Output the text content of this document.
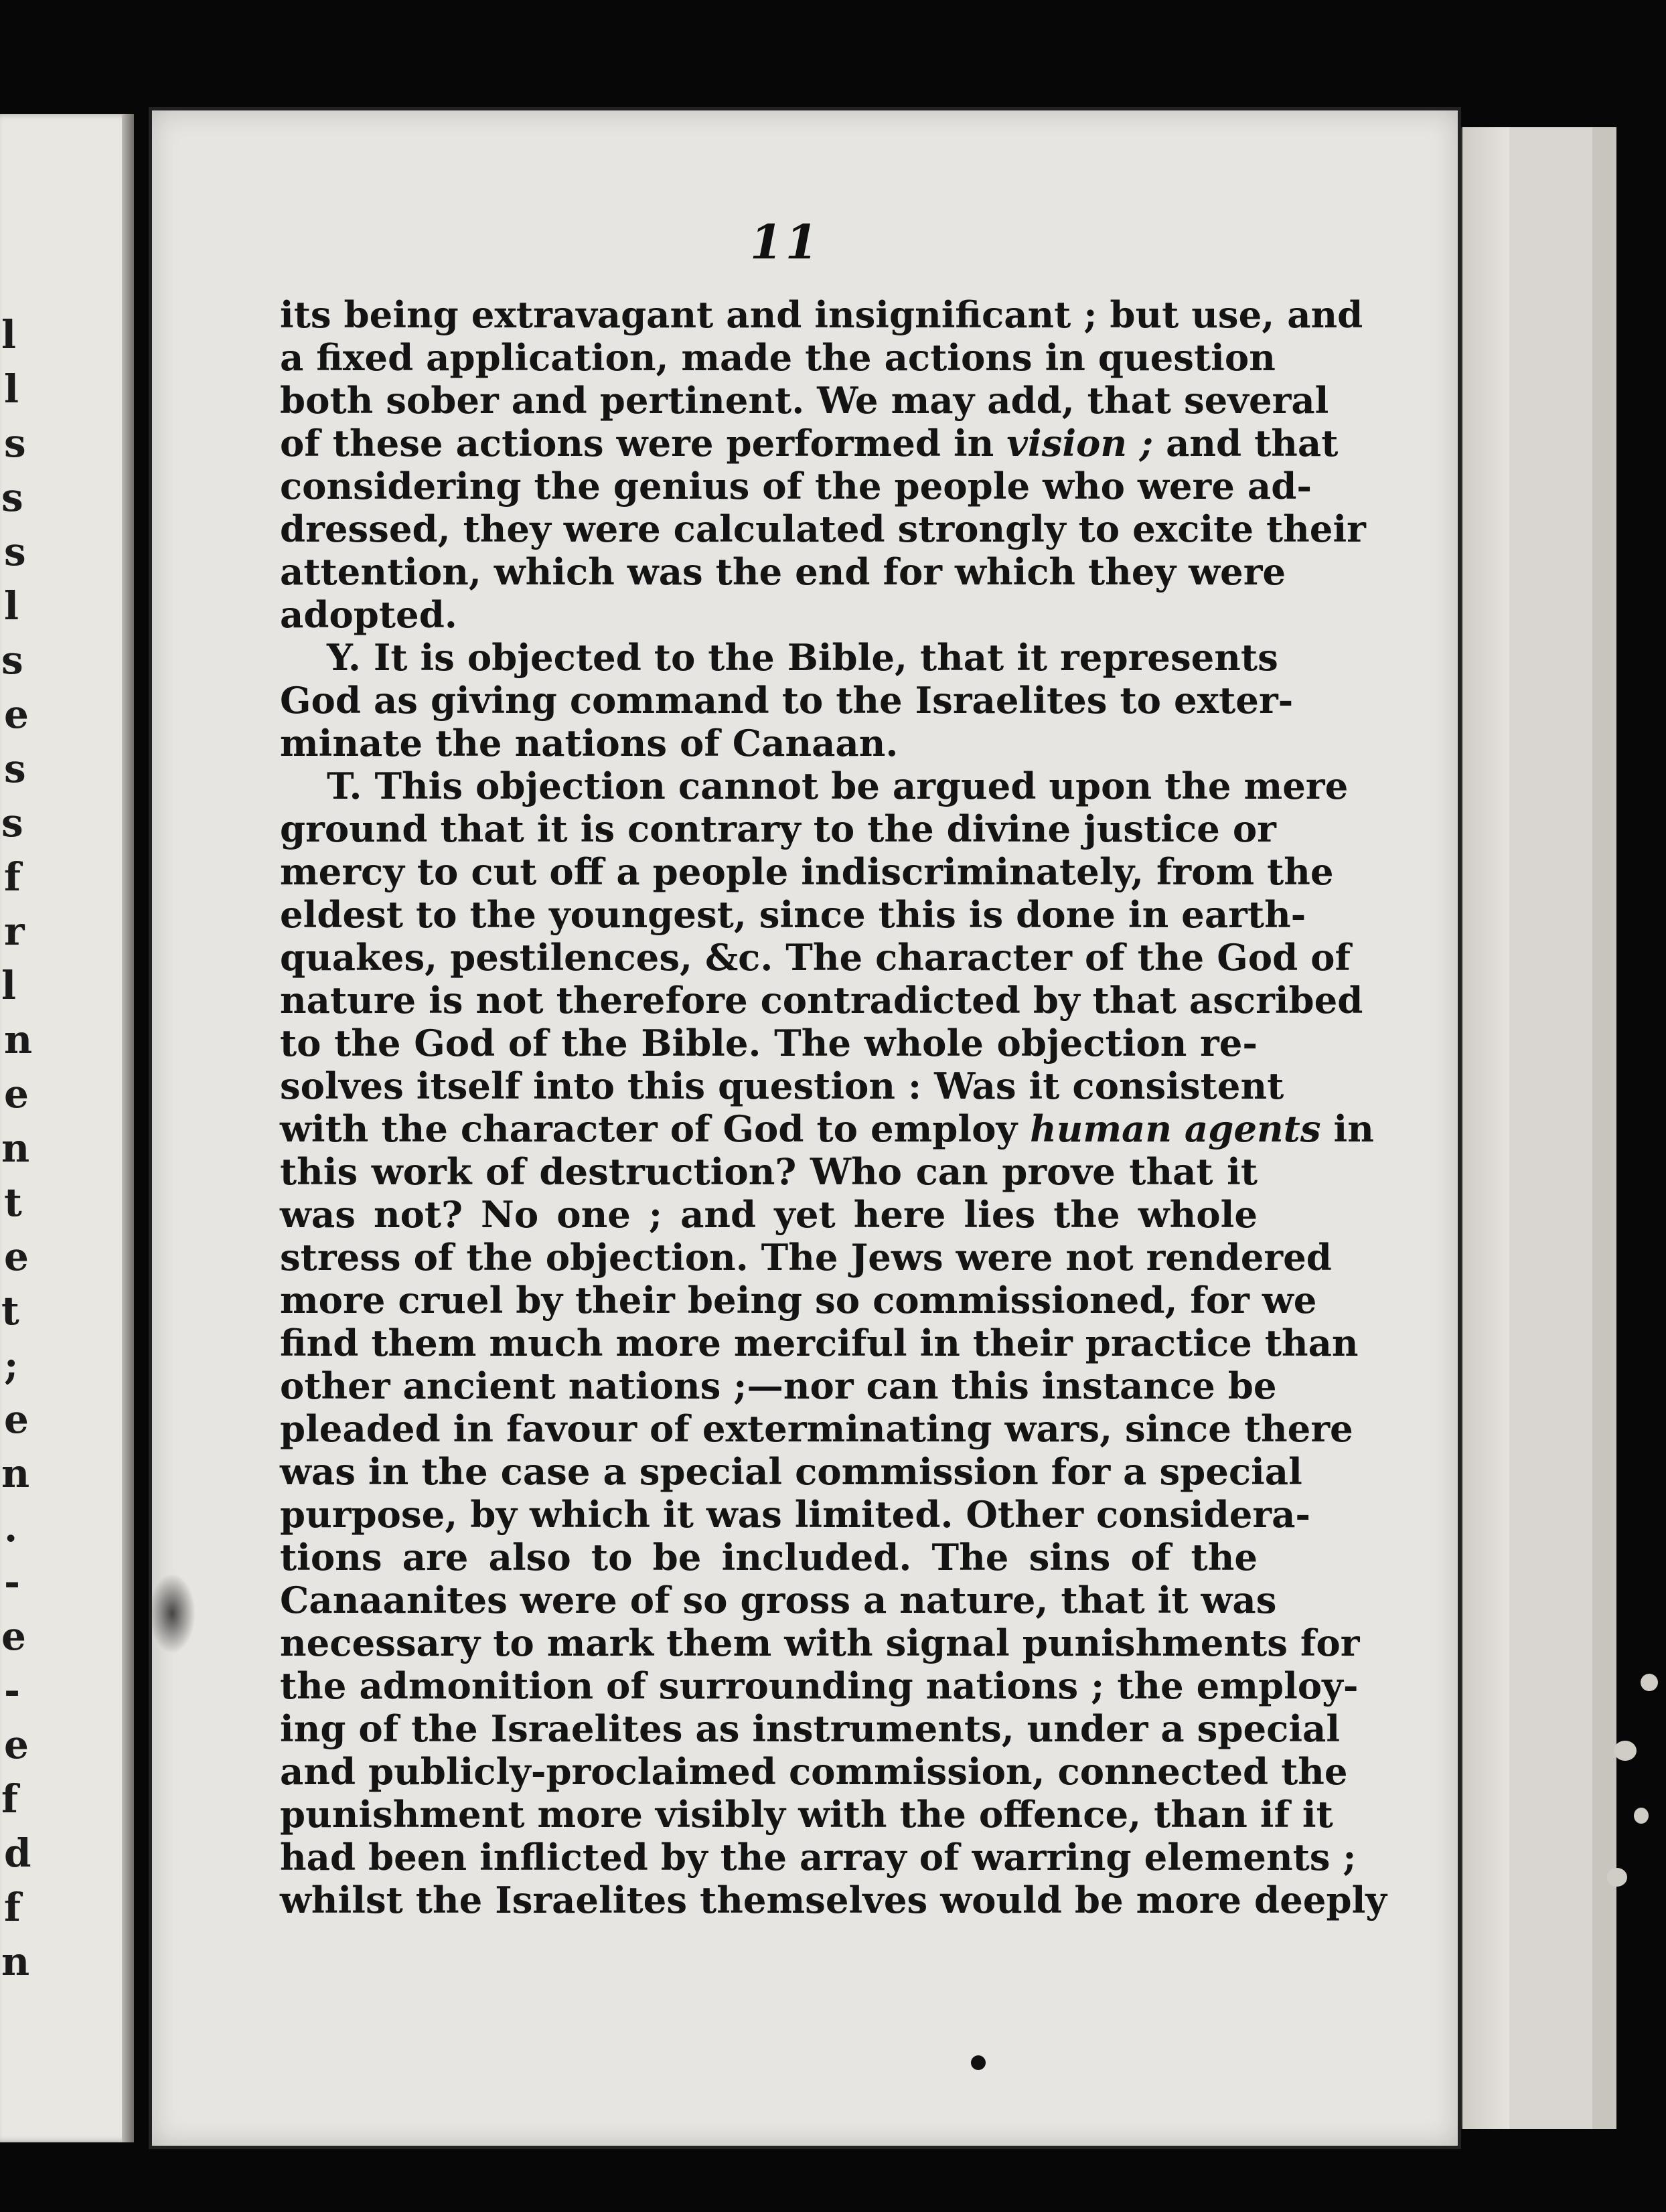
l
l
s
s
s
l
s
e
s
s
f
r
l
n
e
n
t
e
t
;
e
n
.
-
e
-
e
f
d
f
n
11
its being extravagant and insignificant ; but use, and
a fixed application, made the actions in question
both sober and pertinent. We may add, that several
of these actions were performed in vision ; and that
considering the genius of the people who were ad-
dressed, they were calculated strongly to excite their
attention, which was the end for which they were
adopted.
Y. It is objected to the Bible, that it represents
God as giving command to the Israelites to exter-
minate the nations of Canaan.
T. This objection cannot be argued upon the mere
ground that it is contrary to the divine justice or
mercy to cut off a people indiscriminately, from the
eldest to the youngest, since this is done in earth-
quakes, pestilences, &c. The character of the God of
nature is not therefore contradicted by that ascribed
to the God of the Bible. The whole objection re-
solves itself into this question : Was it consistent
with the character of God to employ human agents
this work of destruction? Who can prove that it
was not? No one ; and yet here lies the whole
stress of the objection. The Jews were not rendered
more cruel by their being so commissioned, for we
find them much more merciful in their practice than
other ancient nations ;—nor can this instance be
pleaded in favour of exterminating wars, since there
was in the case a special commission for a special
purpose, by which it was limited. Other considera-
tions are also to be included. The sins of the
Canaanites were of so gross a nature, that it was
necessary to mark them with signal punishments for
the admonition of surrounding nations ; the employ-
ing of the Israelites as instruments, under a special
and publicly-proclaimed commission, connected the
punishment more visibly with the offence, than if it
had been inflicted by the array of warring elements ;
whilst the Israelites themselves would be more deeply
